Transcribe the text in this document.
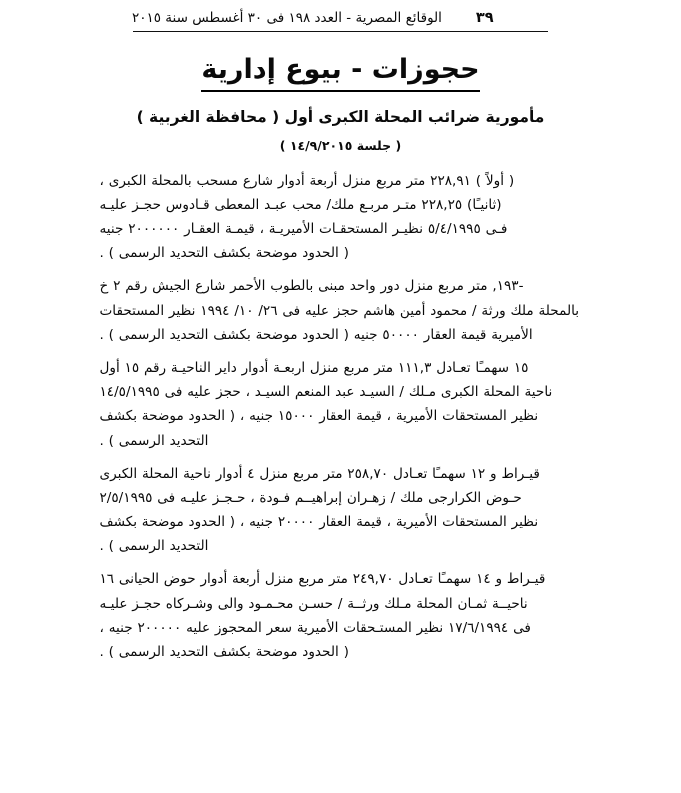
الوقائع المصرية - العدد ١٩٨ فى ٣٠ أغسطس سنة ٢٠١٥ ٣٩
حجوزات - بيوع إدارية
مأمورية ضرائب المحلة الكبرى أول ( محافظة الغربية )
( جلسة ١٤/٩/٢٠١٥ )
( أولاً ) ٢٢٨,٩١ متر مربع منزل أربعة أدوار شارع مسحب بالمحلة الكبرى ،
(ثانيـًا) ٢٢٨,٢٥ متـر مربـع ملك/ محب عبـد المعطى قـادوس حجـز عليـه
فـى ٥/٤/١٩٩٥ نظيـر المستحقـات الأميريـة ، قيمـة العقـار ٢٠٠٠٠٠٠ جنيه
( الحدود موضحة بكشف التحديد الرسمى ) .
-١٩٣, متر مربع منزل دور واحد مبنى بالطوب الأحمر شارع الجيش رقم ٢ خ
بالمحلة ملك ورثة / محمود أمين هاشم حجز عليه فى ٢٦/ ١٠/ ١٩٩٤ نظير المستحقات
الأميرية قيمة العقار ٥٠٠٠٠ جنيه ( الحدود موضحة بكشف التحديد الرسمى ) .
١٥ سهمـًا تعـادل ١١١,٣ متر مربع منزل اربعـة أدوار داير الناحيـة رقم ١٥ أول
ناحية المحلة الكبرى مـلك / السيـد عبد المنعم السيـد ، حجز عليه فى ١٤/٥/١٩٩٥
نظير المستحقات الأميرية ، قيمة العقار ١٥٠٠٠ جنيه ، ( الحدود موضحة بكشف
التحديد الرسمى ) .
قيـراط و ١٢ سهمـًا تعـادل ٢٥٨,٧٠ متر مربع منزل ٤ أدوار ناحية المحلة الكبرى
حـوض الكرارجى ملك / زهـران إبراهيــم فـودة ، حـجـز عليـه فى ٢/٥/١٩٩٥
نظير المستحقات الأميرية ، قيمة العقار ٢٠٠٠٠ جنيه ، ( الحدود موضحة بكشف
التحديد الرسمى ) .
قيـراط و ١٤ سهمـًا تعـادل ٢٤٩,٧٠ متر مربع منزل أربعة أدوار حوض الحيانى ١٦
ناحيــة ثمـان المحلة مـلك ورثــة / حسـن محـمـود والى وشـركاه حجـز عليـه
فى ١٧/٦/١٩٩٤ نظير المستـحقات الأميرية سعر المحجوز عليه ٢٠٠٠٠٠ جنيه ،
( الحدود موضحة بكشف التحديد الرسمى ) .
